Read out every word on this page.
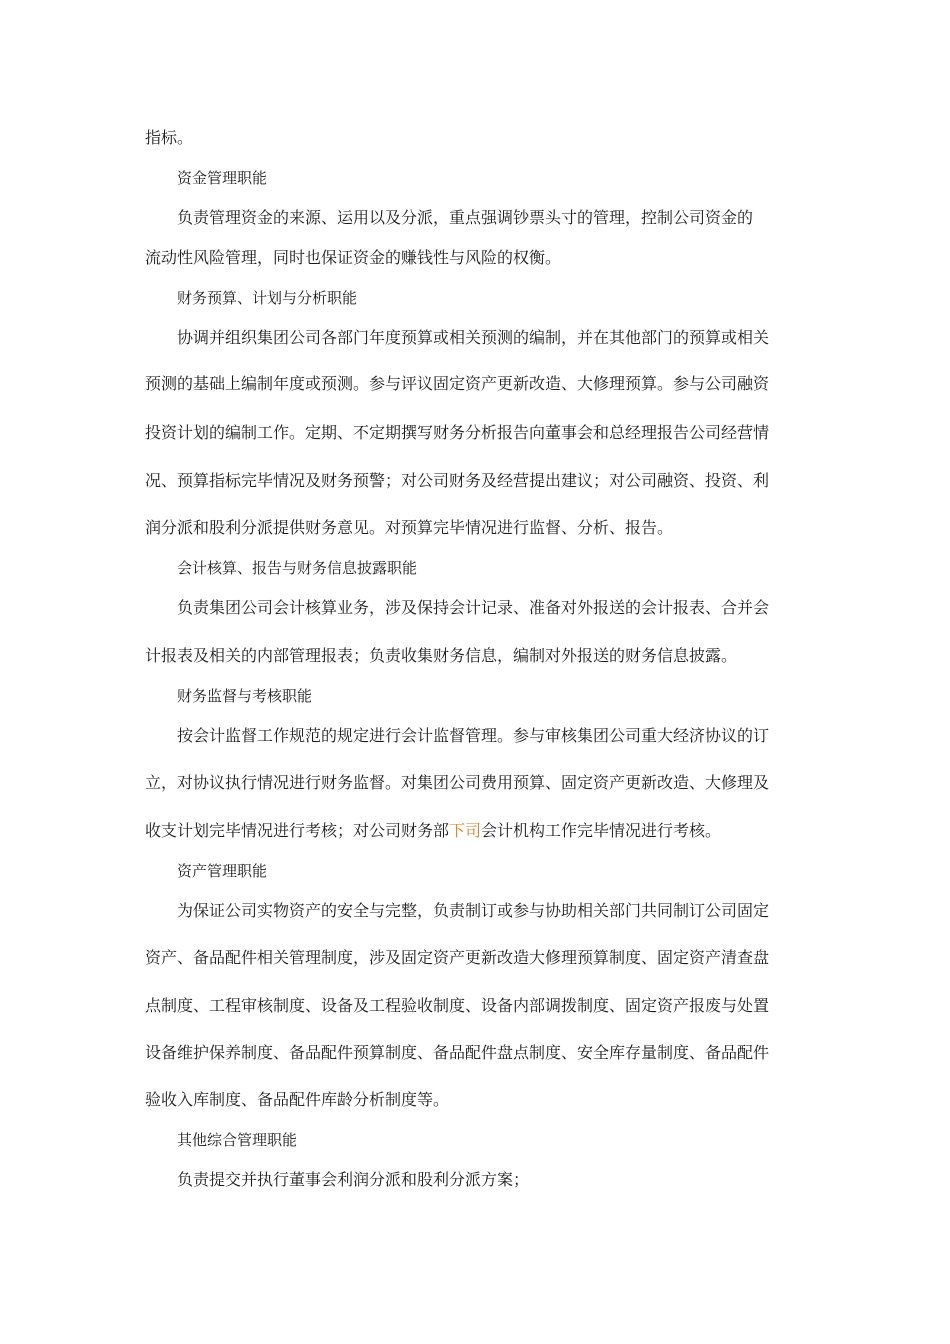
指标。

资金管理职能

负责管理资金的来源、运用以及分派，重点强调钞票头寸的管理，控制公司资金的

流动性风险管理，同时也保证资金的赚钱性与风险的权衡。

财务预算、计划与分析职能

协调并组织集团公司各部门年度预算或相关预测的编制，并在其他部门的预算或相关

预测的基础上编制年度或预测。参与评议固定资产更新改造、大修理预算。参与公司融资

投资计划的编制工作。定期、不定期撰写财务分析报告向董事会和总经理报告公司经营情

况、预算指标完毕情况及财务预警；对公司财务及经营提出建议；对公司融资、投资、利

润分派和股利分派提供财务意见。对预算完毕情况进行监督、分析、报告。

会计核算、报告与财务信息披露职能

负责集团公司会计核算业务，涉及保持会计记录、准备对外报送的会计报表、合并会

计报表及相关的内部管理报表；负责收集财务信息，编制对外报送的财务信息披露。

财务监督与考核职能

按会计监督工作规范的规定进行会计监督管理。参与审核集团公司重大经济协议的订

立，对协议执行情况进行财务监督。对集团公司费用预算、固定资产更新改造、大修理及

收支计划完毕情况进行考核；对公司财务部下司会计机构工作完毕情况进行考核。

资产管理职能

为保证公司实物资产的安全与完整，负责制订或参与协助相关部门共同制订公司固定

资产、备品配件相关管理制度，涉及固定资产更新改造大修理预算制度、固定资产清查盘

点制度、工程审核制度、设备及工程验收制度、设备内部调拨制度、固定资产报废与处置

设备维护保养制度、备品配件预算制度、备品配件盘点制度、安全库存量制度、备品配件

验收入库制度、备品配件库龄分析制度等。

其他综合管理职能

负责提交并执行董事会利润分派和股利分派方案；
